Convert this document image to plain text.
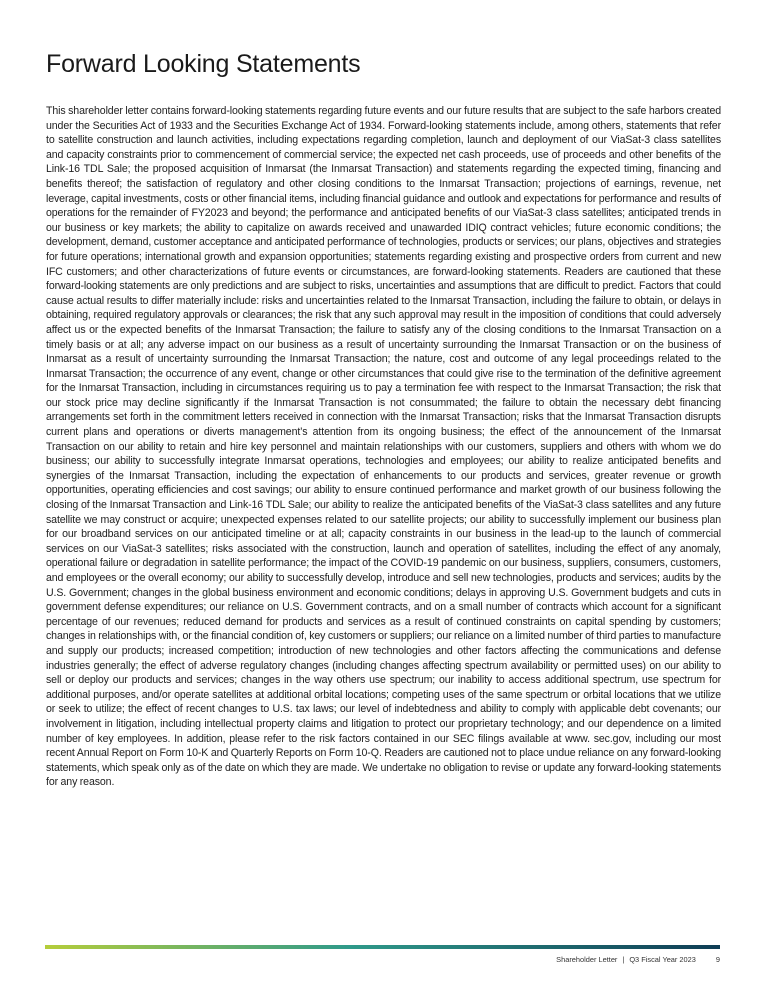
Forward Looking Statements

This shareholder letter contains forward-looking statements regarding future events and our future results that are subject to the safe harbors created under the Securities Act of 1933 and the Securities Exchange Act of 1934. Forward-looking statements include, among others, statements that refer to satellite construction and launch activities, including expectations regarding completion, launch and deployment of our ViaSat-3 class satellites and capacity constraints prior to commencement of commercial service; the expected net cash proceeds, use of proceeds and other benefits of the Link-16 TDL Sale; the proposed acquisition of Inmarsat (the Inmarsat Transaction) and statements regarding the expected timing, financing and benefits thereof; the satisfaction of regulatory and other closing conditions to the Inmarsat Transaction; projections of earnings, revenue, net leverage, capital investments, costs or other financial items, including financial guidance and outlook and expectations for performance and results of operations for the remainder of FY2023 and beyond; the performance and anticipated benefits of our ViaSat-3 class satellites; anticipated trends in our business or key markets; the ability to capitalize on awards received and unawarded IDIQ contract vehicles; future economic conditions; the development, demand, customer acceptance and anticipated performance of technologies, products or services; our plans, objectives and strategies for future operations; international growth and expansion opportunities; statements regarding existing and prospective orders from current and new IFC customers; and other characterizations of future events or circumstances, are forward-looking statements. Readers are cautioned that these forward-looking statements are only predictions and are subject to risks, uncertainties and assumptions that are difficult to predict. Factors that could cause actual results to differ materially include: risks and uncertainties related to the Inmarsat Transaction, including the failure to obtain, or delays in obtaining, required regulatory approvals or clearances; the risk that any such approval may result in the imposition of conditions that could adversely affect us or the expected benefits of the Inmarsat Transaction; the failure to satisfy any of the closing conditions to the Inmarsat Transaction on a timely basis or at all; any adverse impact on our business as a result of uncertainty surrounding the Inmarsat Transaction or on the business of Inmarsat as a result of uncertainty surrounding the Inmarsat Transaction; the nature, cost and outcome of any legal proceedings related to the Inmarsat Transaction; the occurrence of any event, change or other circumstances that could give rise to the termination of the definitive agreement for the Inmarsat Transaction, including in circumstances requiring us to pay a termination fee with respect to the Inmarsat Transaction; the risk that our stock price may decline significantly if the Inmarsat Transaction is not consummated; the failure to obtain the necessary debt financing arrangements set forth in the commitment letters received in connection with the Inmarsat Transaction; risks that the Inmarsat Transaction disrupts current plans and operations or diverts management’s attention from its ongoing business; the effect of the announcement of the Inmarsat Transaction on our ability to retain and hire key personnel and maintain relationships with our customers, suppliers and others with whom we do business; our ability to successfully integrate Inmarsat operations, technologies and employees; our ability to realize anticipated benefits and synergies of the Inmarsat Transaction, including the expectation of enhancements to our products and services, greater revenue or growth opportunities, operating efficiencies and cost savings; our ability to ensure continued performance and market growth of our business following the closing of the Inmarsat Transaction and Link-16 TDL Sale; our ability to realize the anticipated benefits of the ViaSat-3 class satellites and any future satellite we may construct or acquire; unexpected expenses related to our satellite projects; our ability to successfully implement our business plan for our broadband services on our anticipated timeline or at all; capacity constraints in our business in the lead-up to the launch of commercial services on our ViaSat-3 satellites; risks associated with the construction, launch and operation of satellites, including the effect of any anomaly, operational failure or degradation in satellite performance; the impact of the COVID-19 pandemic on our business, suppliers, consumers, customers, and employees or the overall economy; our ability to successfully develop, introduce and sell new technologies, products and services; audits by the U.S. Government; changes in the global business environment and economic conditions; delays in approving U.S. Government budgets and cuts in government defense expenditures; our reliance on U.S. Government contracts, and on a small number of contracts which account for a significant percentage of our revenues; reduced demand for products and services as a result of continued constraints on capital spending by customers; changes in relationships with, or the financial condition of, key customers or suppliers; our reliance on a limited number of third parties to manufacture and supply our products; increased competition; introduction of new technologies and other factors affecting the communications and defense industries generally; the effect of adverse regulatory changes (including changes affecting spectrum availability or permitted uses) on our ability to sell or deploy our products and services; changes in the way others use spectrum; our inability to access additional spectrum, use spectrum for additional purposes, and/or operate satellites at additional orbital locations; competing uses of the same spectrum or orbital locations that we utilize or seek to utilize; the effect of recent changes to U.S. tax laws; our level of indebtedness and ability to comply with applicable debt covenants; our involvement in litigation, including intellectual property claims and litigation to protect our proprietary technology; and our dependence on a limited number of key employees. In addition, please refer to the risk factors contained in our SEC filings available at www. sec.gov, including our most recent Annual Report on Form 10-K and Quarterly Reports on Form 10-Q. Readers are cautioned not to place undue reliance on any forward-looking statements, which speak only as of the date on which they are made. We undertake no obligation to revise or update any forward-looking statements for any reason.

Shareholder Letter | Q3 Fiscal Year 2023	9
